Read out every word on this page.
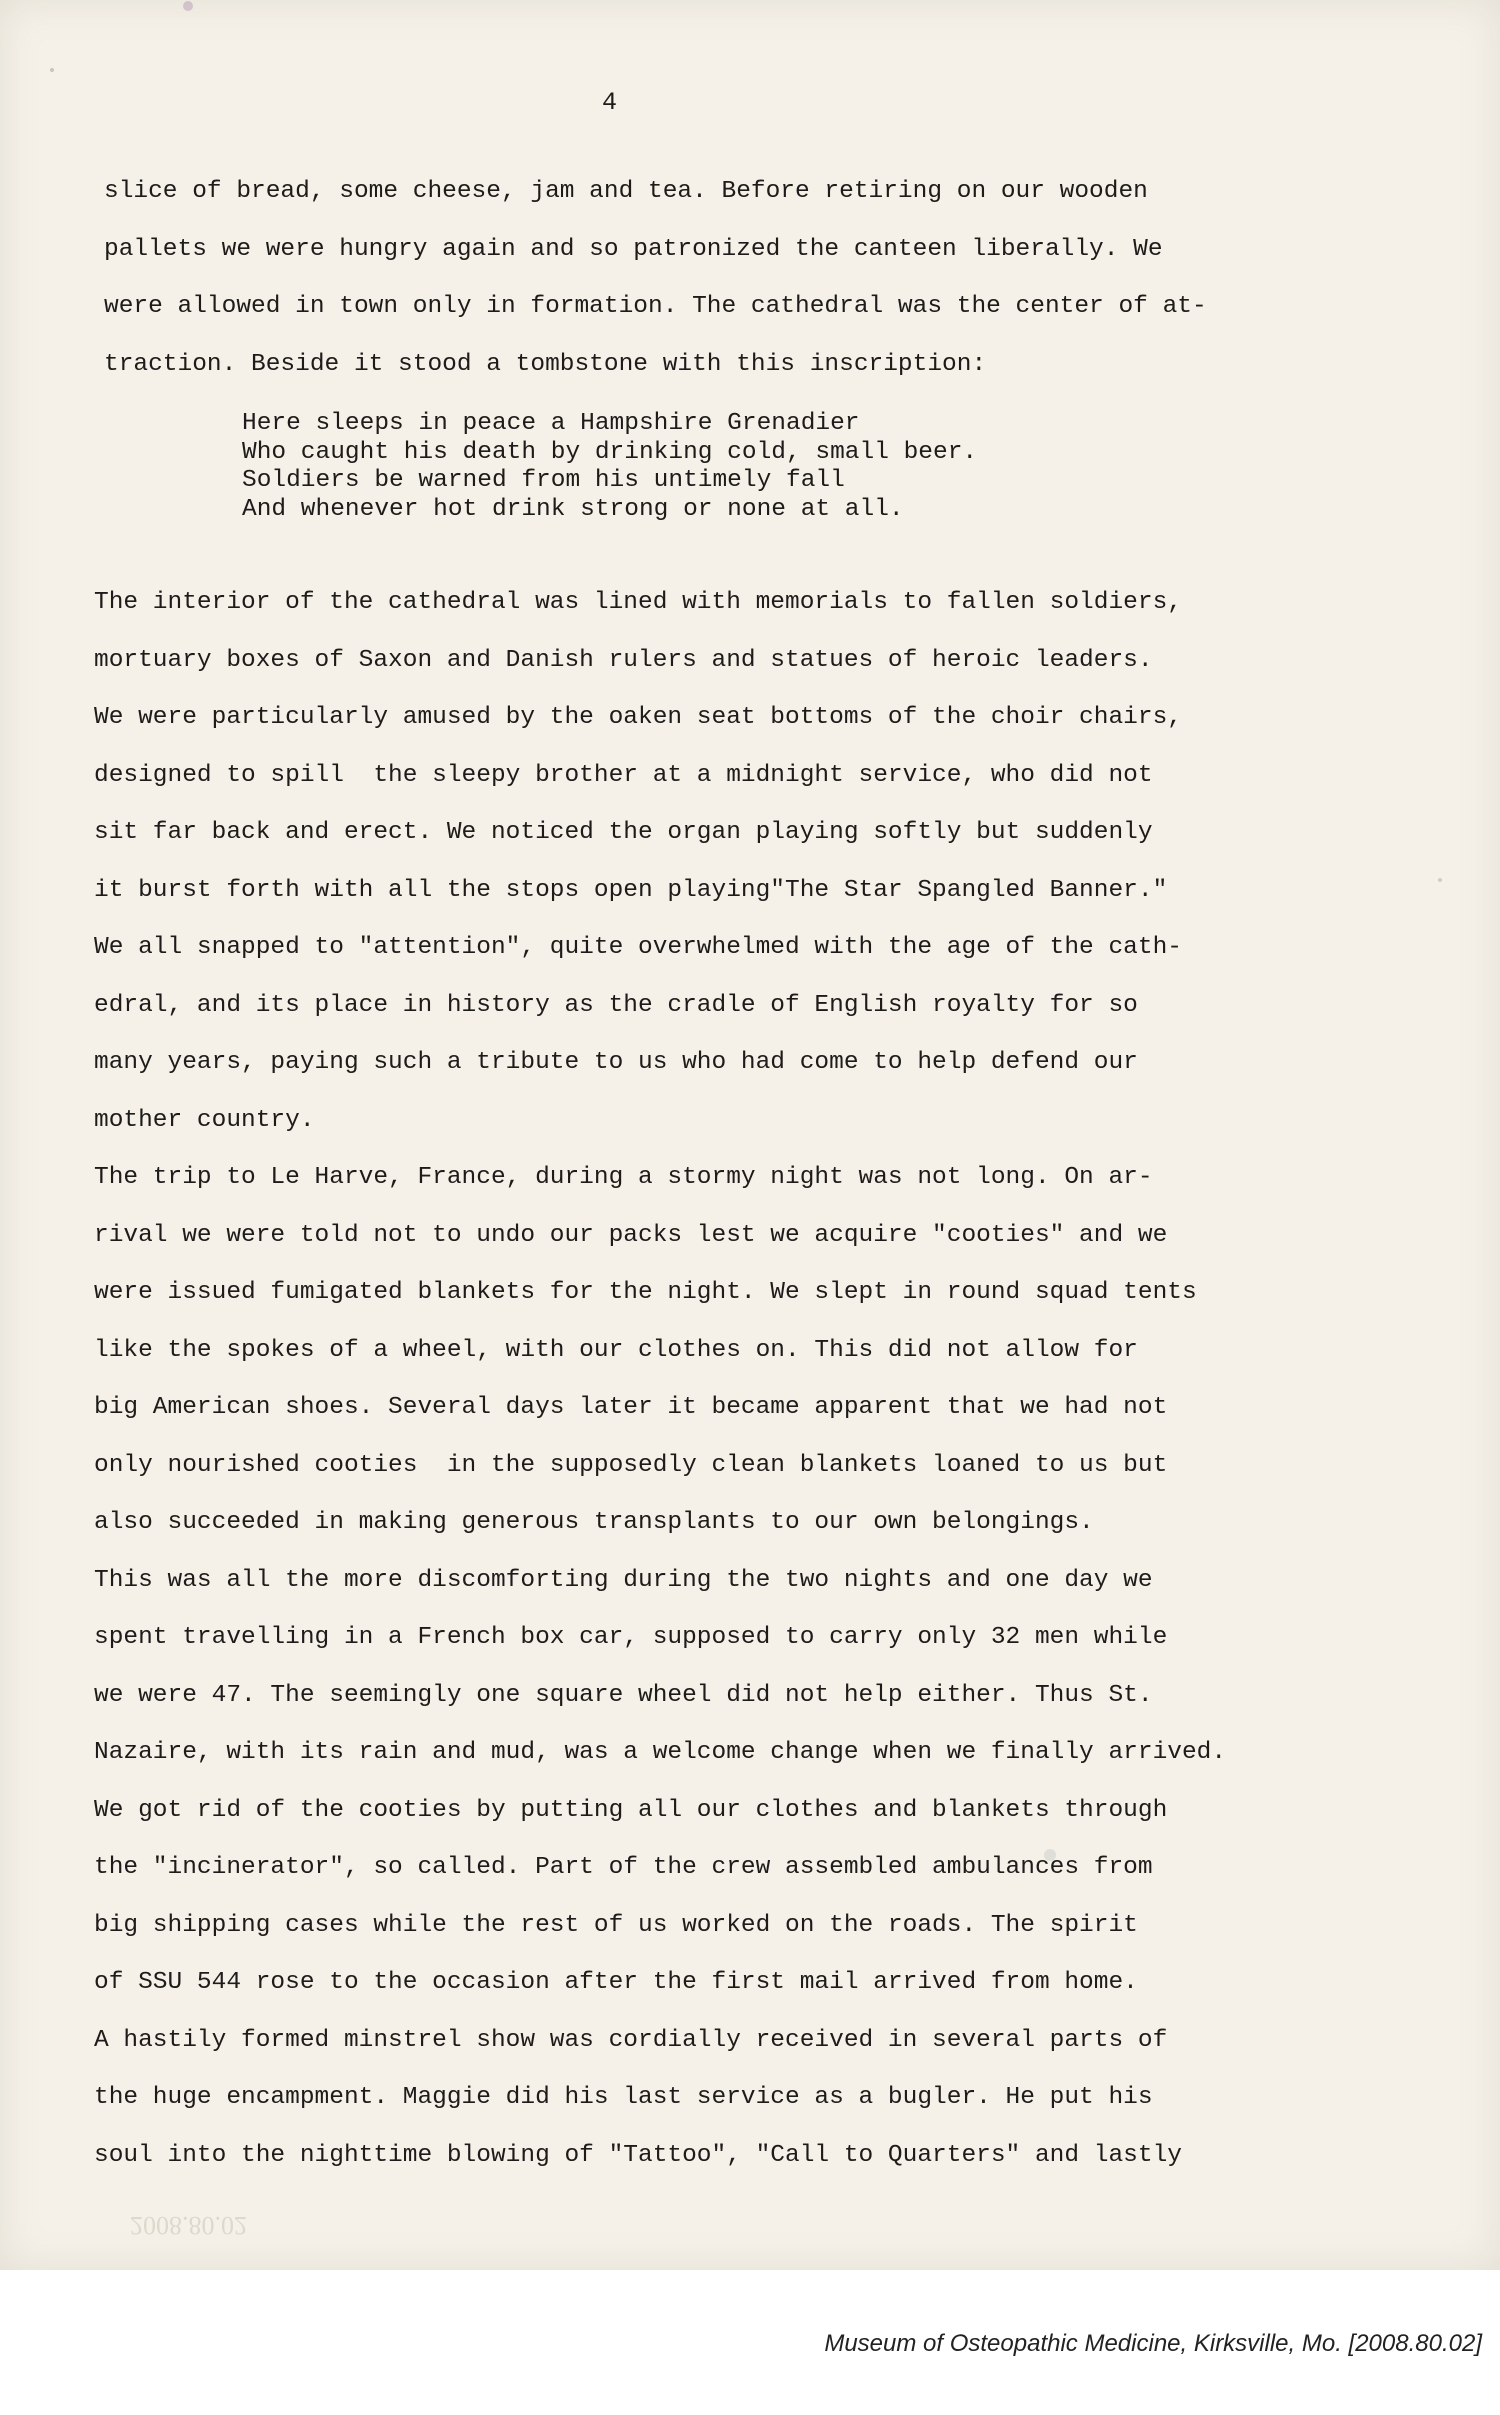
4
slice of bread, some cheese, jam and tea. Before retiring on our wooden
pallets we were hungry again and so patronized the canteen liberally. We
were allowed in town only in formation. The cathedral was the center of at-
traction. Beside it stood a tombstone with this inscription:
Here sleeps in peace a Hampshire Grenadier
Who caught his death by drinking cold, small beer.
Soldiers be warned from his untimely fall
And whenever hot drink strong or none at all.
The interior of the cathedral was lined with memorials to fallen soldiers,
mortuary boxes of Saxon and Danish rulers and statues of heroic leaders.
We were particularly amused by the oaken seat bottoms of the choir chairs,
designed to spill  the sleepy brother at a midnight service, who did not
sit far back and erect. We noticed the organ playing softly but suddenly
it burst forth with all the stops open playing"The Star Spangled Banner."
We all snapped to "attention", quite overwhelmed with the age of the cath-
edral, and its place in history as the cradle of English royalty for so
many years, paying such a tribute to us who had come to help defend our
mother country.
The trip to Le Harve, France, during a stormy night was not long. On ar-
rival we were told not to undo our packs lest we acquire "cooties" and we
were issued fumigated blankets for the night. We slept in round squad tents
like the spokes of a wheel, with our clothes on. This did not allow for
big American shoes. Several days later it became apparent that we had not
only nourished cooties  in the supposedly clean blankets loaned to us but
also succeeded in making generous transplants to our own belongings.
This was all the more discomforting during the two nights and one day we
spent travelling in a French box car, supposed to carry only 32 men while
we were 47. The seemingly one square wheel did not help either. Thus St.
Nazaire, with its rain and mud, was a welcome change when we finally arrived.
We got rid of the cooties by putting all our clothes and blankets through
the "incinerator", so called. Part of the crew assembled ambulances from
big shipping cases while the rest of us worked on the roads. The spirit
of SSU 544 rose to the occasion after the first mail arrived from home.
A hastily formed minstrel show was cordially received in several parts of
the huge encampment. Maggie did his last service as a bugler. He put his
soul into the nighttime blowing of "Tattoo", "Call to Quarters" and lastly
2008.80.02
Museum of Osteopathic Medicine, Kirksville, Mo. [2008.80.02]
